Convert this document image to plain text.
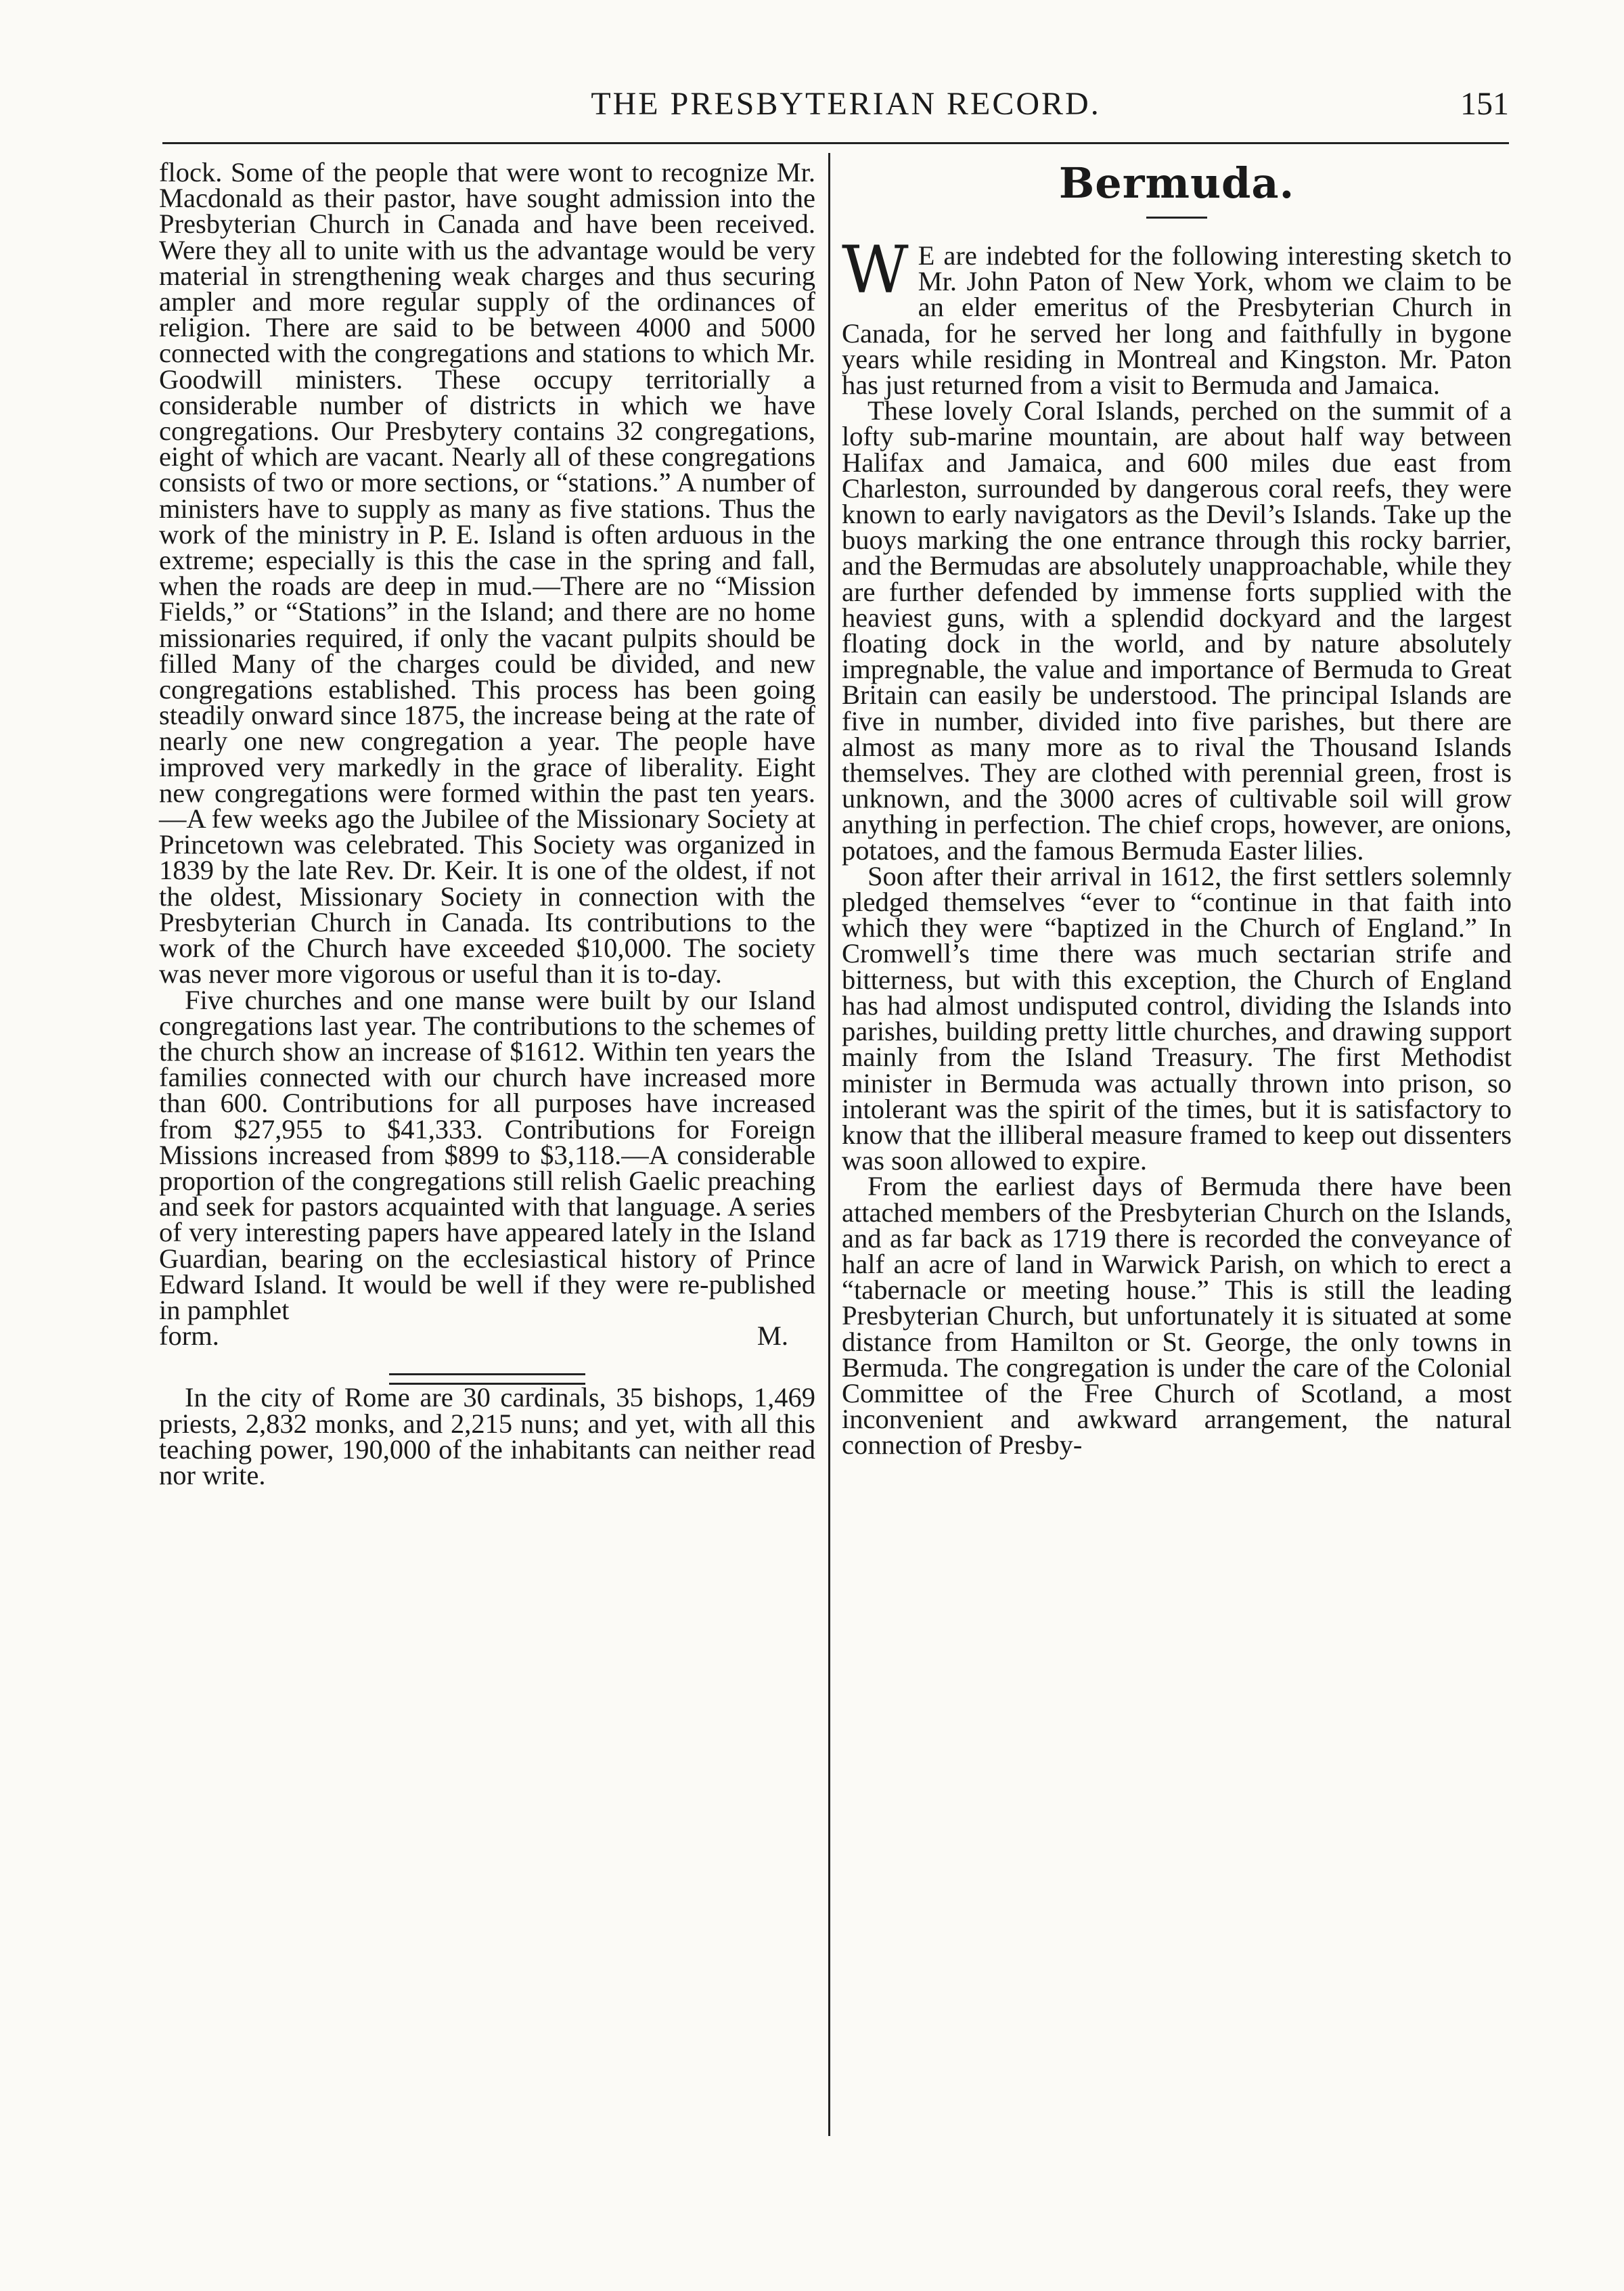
THE PRESBYTERIAN RECORD.	151

flock. Some of the people that were wont to recognize Mr. Macdonald as their pastor, have sought admission into the Presbyterian Church in Canada and have been received. Were they all to unite with us the advantage would be very material in strengthening weak charges and thus securing ampler and more regular supply of the ordinances of religion. There are said to be between 4000 and 5000 connected with the congregations and stations to which Mr. Goodwill ministers. These occupy territorially a considerable number of districts in which we have congregations. Our Presbytery contains 32 congregations, eight of which are vacant. Nearly all of these congregations consists of two or more sections, or “stations.” A number of ministers have to supply as many as five stations. Thus the work of the ministry in P. E. Island is often arduous in the extreme; especially is this the case in the spring and fall, when the roads are deep in mud.—There are no “Mission Fields,” or “Stations” in the Island; and there are no home missionaries required, if only the vacant pulpits should be filled Many of the charges could be divided, and new congregations established. This process has been going steadily onward since 1875, the increase being at the rate of nearly one new congregation a year. The people have improved very markedly in the grace of liberality. Eight new congregations were formed within the past ten years.—A few weeks ago the Jubilee of the Missionary Society at Princetown was celebrated. This Society was organized in 1839 by the late Rev. Dr. Keir. It is one of the oldest, if not the oldest, Missionary Society in connection with the Presbyterian Church in Canada. Its contributions to the work of the Church have exceeded $10,000. The society was never more vigorous or useful than it is to-day.

Five churches and one manse were built by our Island congregations last year. The contributions to the schemes of the church show an increase of $1612. Within ten years the families connected with our church have increased more than 600. Contributions for all purposes have increased from $27,955 to $41,333. Contributions for Foreign Missions increased from $899 to $3,118.—A considerable proportion of the congregations still relish Gaelic preaching and seek for pastors acquainted with that language. A series of very interesting papers have appeared lately in the Island Guardian, bearing on the ecclesiastical history of Prince Edward Island. It would be well if they were re-published in pamphlet

form.	M.

In the city of Rome are 30 cardinals, 35 bishops, 1,469 priests, 2,832 monks, and 2,215 nuns; and yet, with all this teaching power, 190,000 of the inhabitants can neither read nor write.

Bermuda.

W E are indebted for the following interesting sketch to Mr. John Paton of New York, whom we claim to be an elder emeritus of the Presbyterian Church in Canada, for he served her long and faithfully in bygone years while residing in Montreal and Kingston. Mr. Paton has just returned from a visit to Bermuda and Jamaica.

These lovely Coral Islands, perched on the summit of a lofty sub-marine mountain, are about half way between Halifax and Jamaica, and 600 miles due east from Charleston, surrounded by dangerous coral reefs, they were known to early navigators as the Devil’s Islands. Take up the buoys marking the one entrance through this rocky barrier, and the Bermudas are absolutely unapproachable, while they are further defended by immense forts supplied with the heaviest guns, with a splendid dockyard and the largest floating dock in the world, and by nature absolutely impregnable, the value and importance of Bermuda to Great Britain can easily be understood. The principal Islands are five in number, divided into five parishes, but there are almost as many more as to rival the Thousand Islands themselves. They are clothed with perennial green, frost is unknown, and the 3000 acres of cultivable soil will grow anything in perfection. The chief crops, however, are onions, potatoes, and the famous Bermuda Easter lilies.

Soon after their arrival in 1612, the first settlers solemnly pledged themselves “ever to “continue in that faith into which they were “baptized in the Church of England.” In Cromwell’s time there was much sectarian strife and bitterness, but with this exception, the Church of England has had almost undisputed control, dividing the Islands into parishes, building pretty little churches, and drawing support mainly from the Island Treasury. The first Methodist minister in Bermuda was actually thrown into prison, so intolerant was the spirit of the times, but it is satisfactory to know that the illiberal measure framed to keep out dissenters was soon allowed to expire.

From the earliest days of Bermuda there have been attached members of the Presbyterian Church on the Islands, and as far back as 1719 there is recorded the conveyance of half an acre of land in Warwick Parish, on which to erect a “tabernacle or meeting house.” This is still the leading Presbyterian Church, but unfortunately it is situated at some distance from Hamilton or St. George, the only towns in Bermuda. The congregation is under the care of the Colonial Committee of the Free Church of Scotland, a most inconvenient and awkward arrangement, the natural connection of Presby-
